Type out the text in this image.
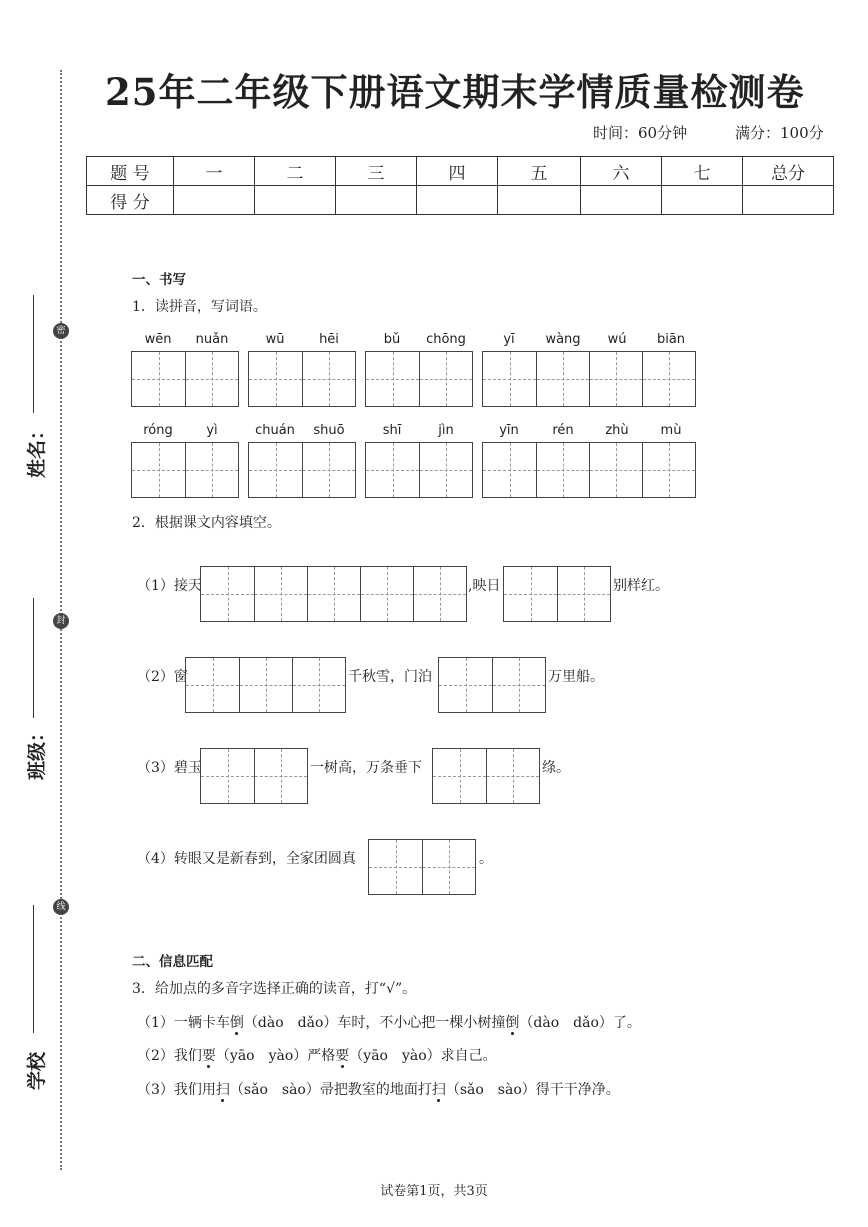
密
封
线
姓名：
班级：
学校
25年二年级下册语文期末学情质量检测卷
时间：60分钟	满分：100分
题 号	一	二	三	四	五	六	七	总分
得 分								
一、书写
1．读拼音，写词语。
wēn	nuǎn	wū	hēi	bǔ	chōng	yī	wàng	wú	biān
róng	yì	chuán	shuō	shī	jìn	yīn	rén	zhù	mù
2．根据课文内容填空。
（1）接天	,映日	别样红。
（2）窗	千秋雪，门泊	万里船。
（3）碧玉	一树高，万条垂下	绦。
（4）转眼又是新春到，全家团圆真	。
二、信息匹配
3．给加点的多音字选择正确的读音，打“√”。
（1）一辆卡车倒（dào　dǎo）车时，不小心把一棵小树撞倒（dào　dǎo）了。
（2）我们要（yāo　yào）严格要（yāo　yào）求自己。
（3）我们用扫（sǎo　sào）帚把教室的地面打扫（sǎo　sào）得干干净净。
试卷第1页，共3页
